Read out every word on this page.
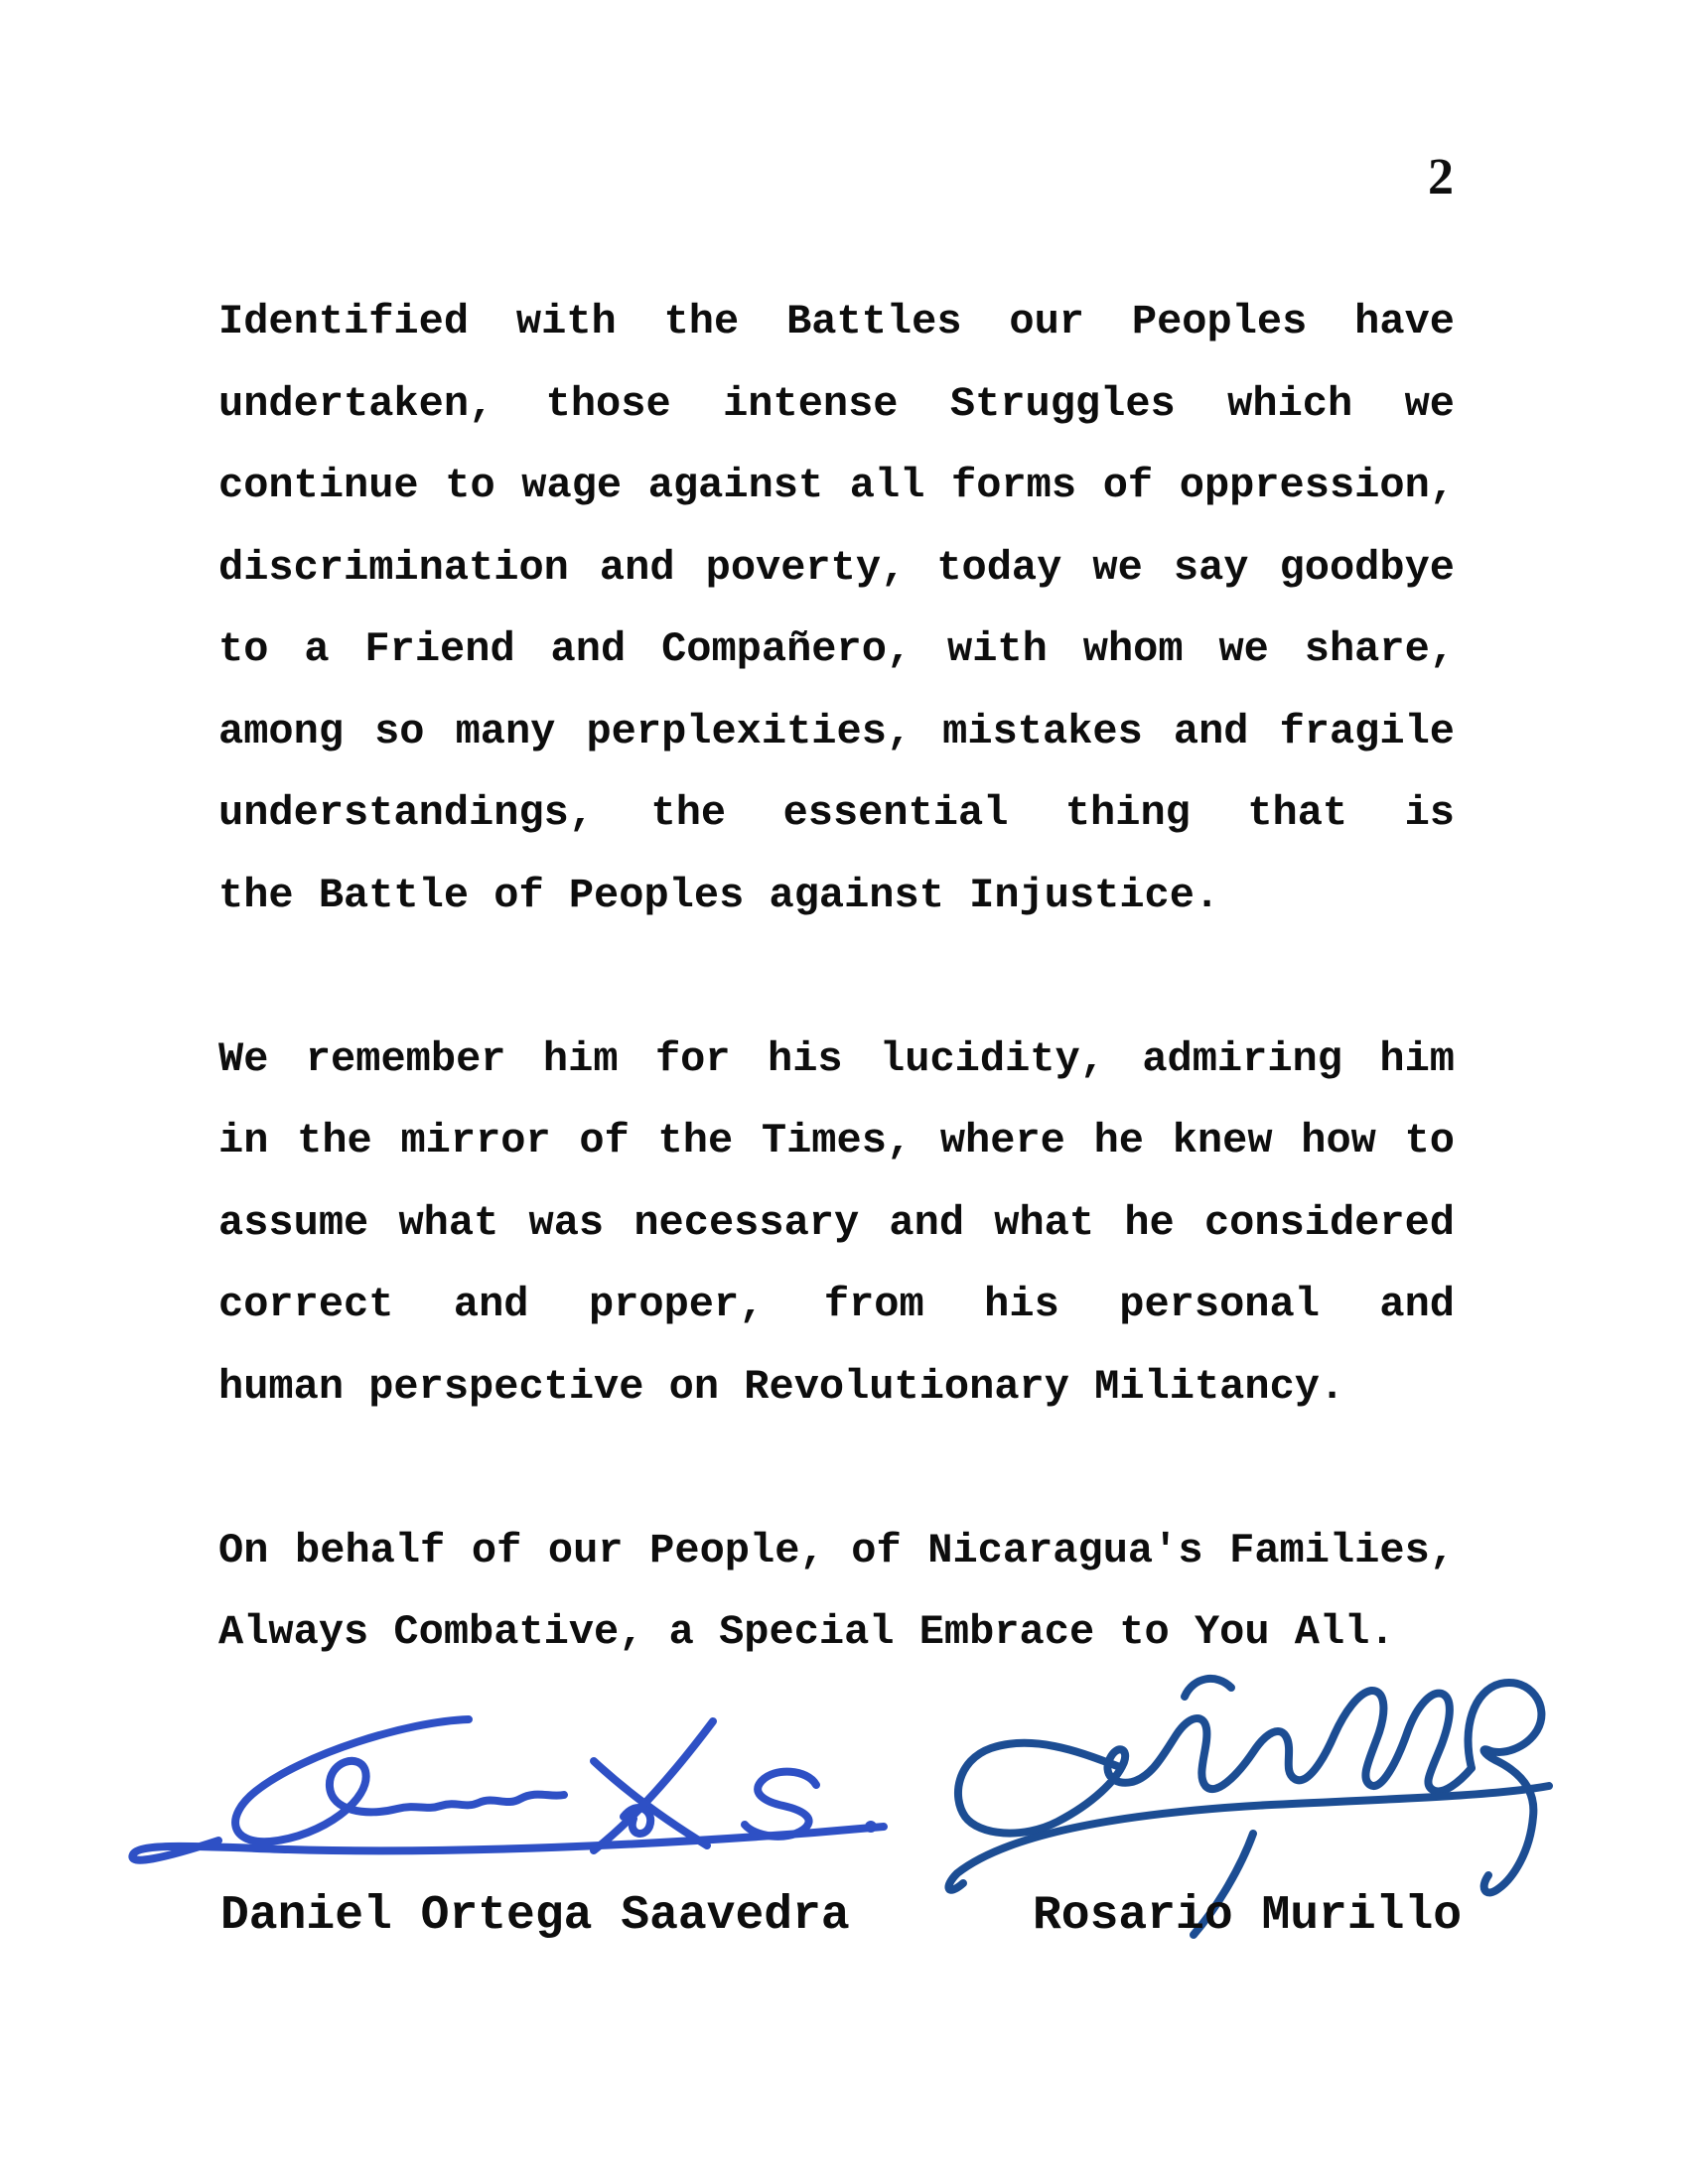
2
Identified with the Battles our Peoples have
undertaken, those intense Struggles which we
continue to wage against all forms of oppression,
discrimination and poverty, today we say goodbye
to a Friend and Compañero, with whom we share,
among so many perplexities, mistakes and fragile
understandings, the essential thing that is
the Battle of Peoples against Injustice.
We remember him for his lucidity, admiring him
in the mirror of the Times, where he knew how to
assume what was necessary and what he considered
correct and proper, from his personal and
human perspective on Revolutionary Militancy.
On behalf of our People, of Nicaragua's Families,
Always Combative, a Special Embrace to You All.
Daniel Ortega Saavedra	Rosario Murillo
